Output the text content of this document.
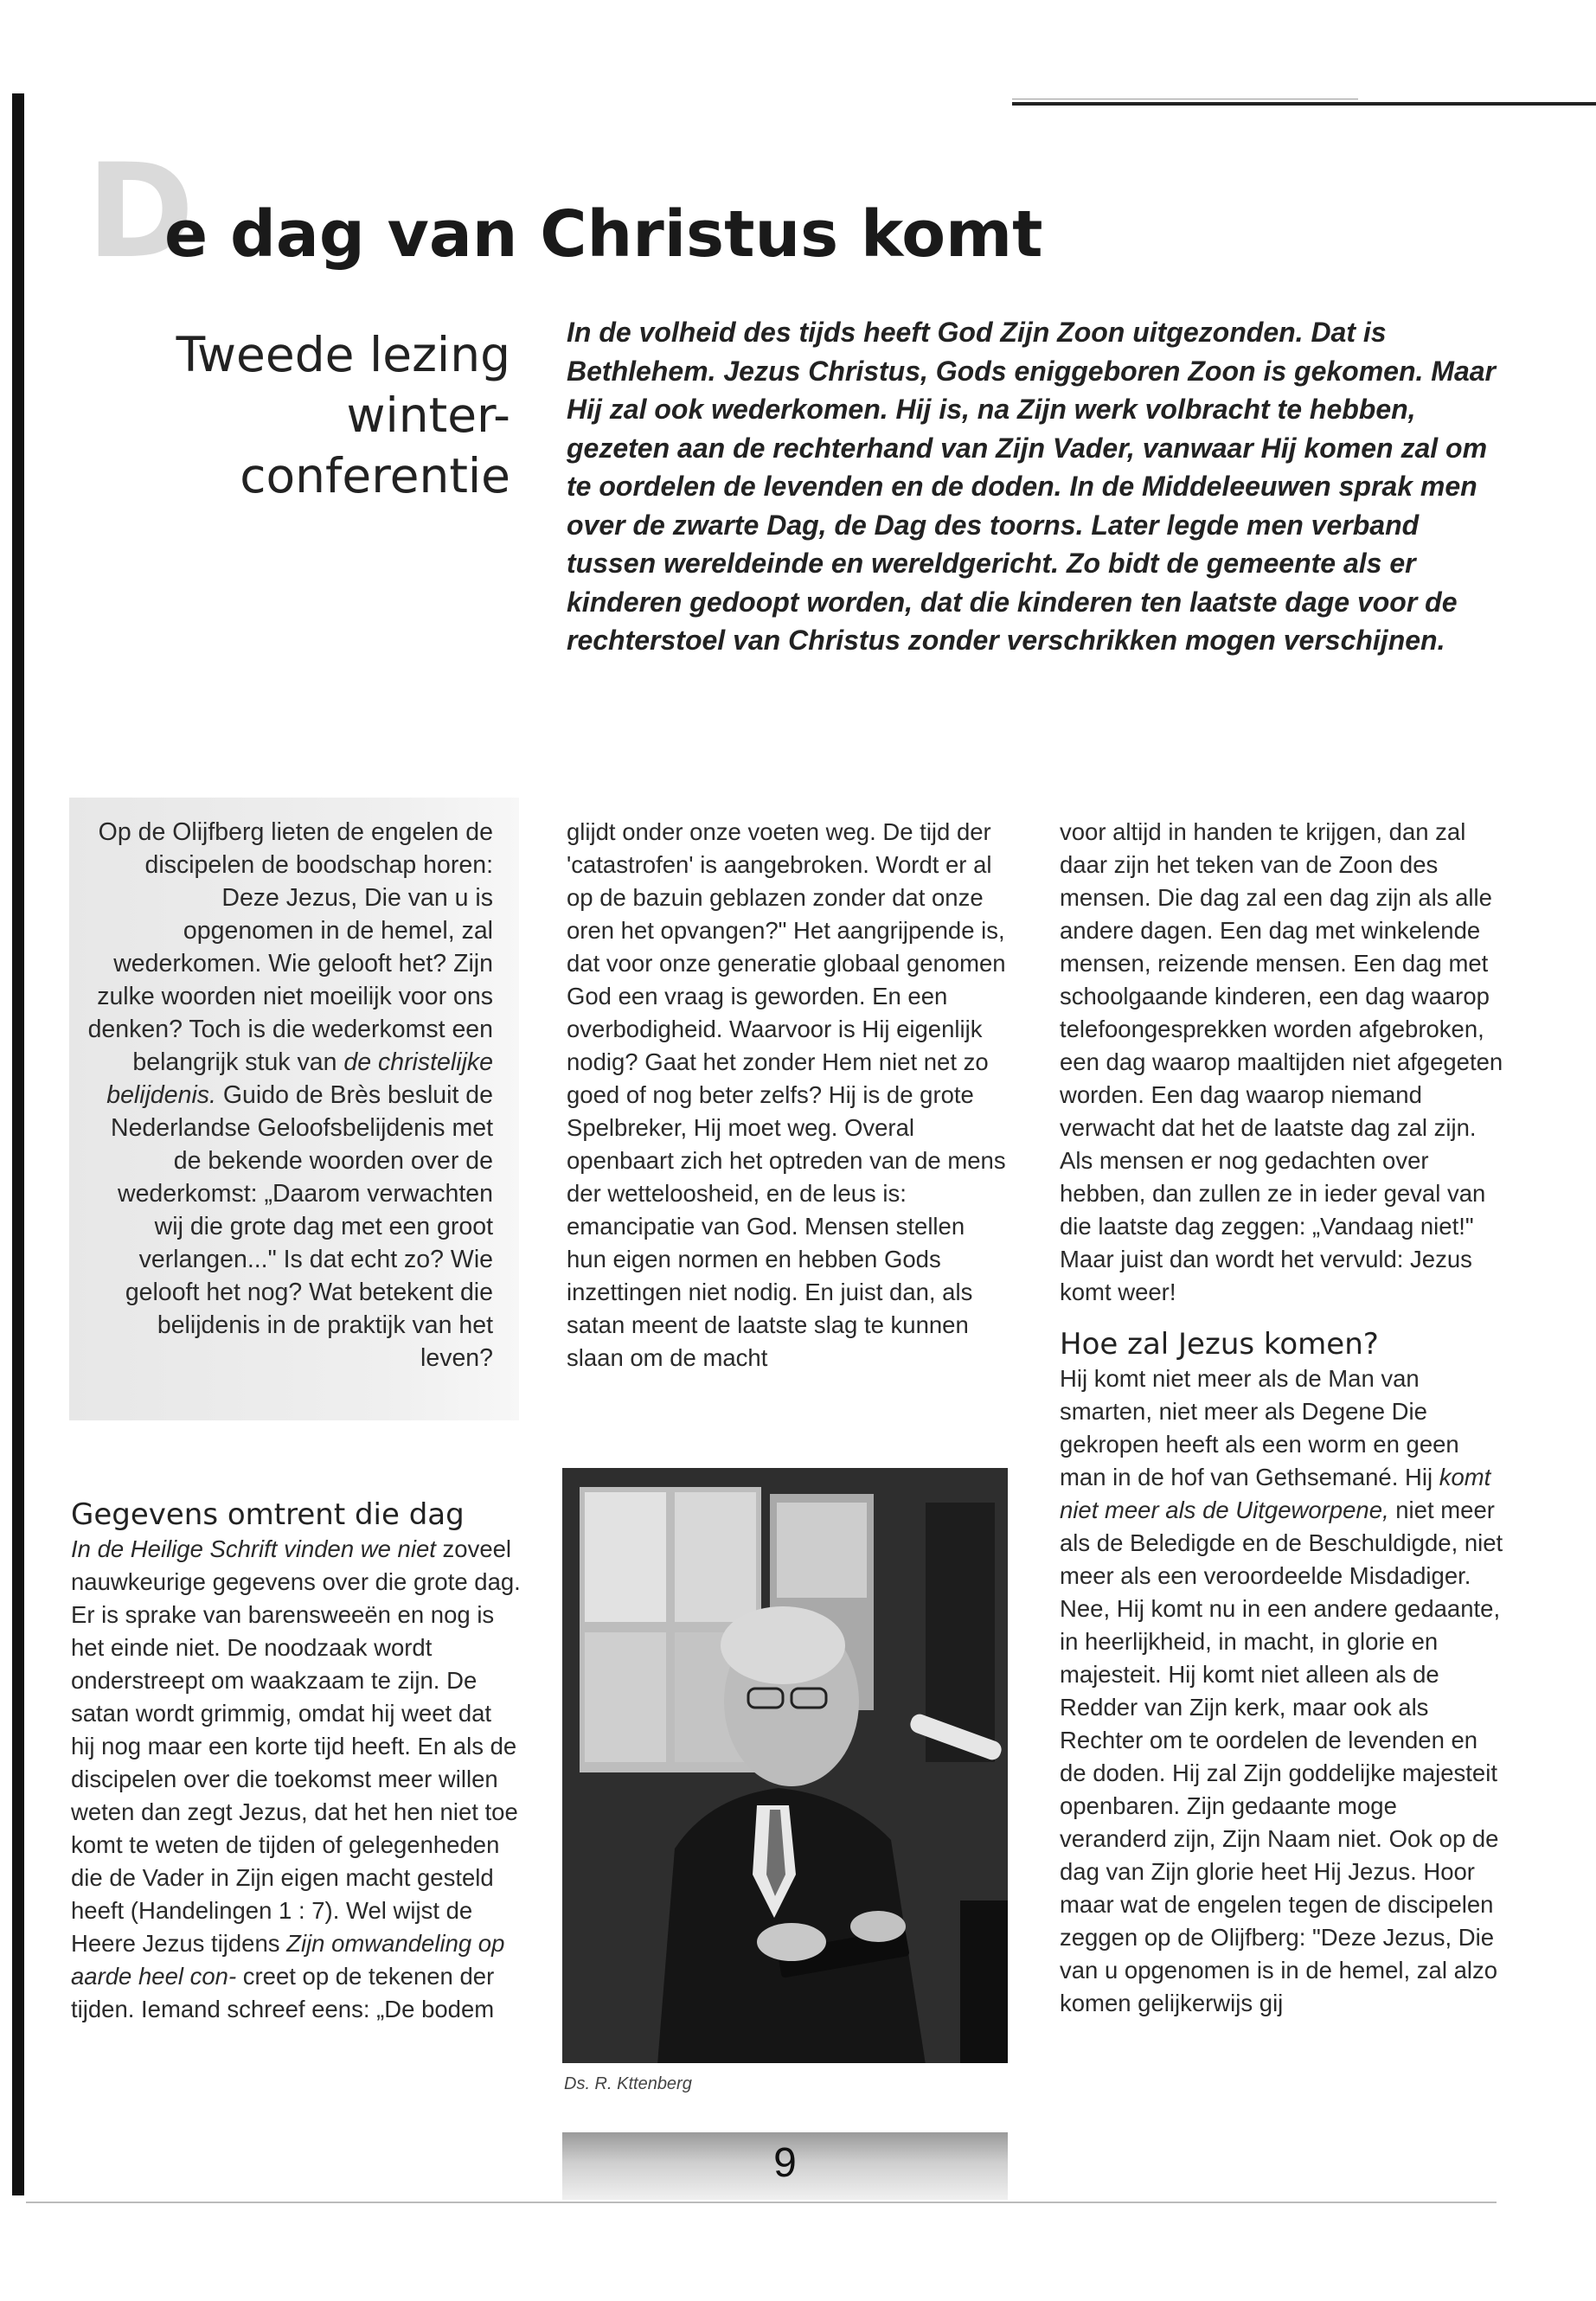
D
e dag van Christus komt
Tweede lezing
winter-
conferentie
In de volheid des tijds heeft God Zijn Zoon uitgezonden. Dat is Bethlehem. Jezus Christus, Gods eniggeboren Zoon is gekomen. Maar Hij zal ook wederkomen. Hij is, na Zijn werk volbracht te hebben, gezeten aan de rechterhand van Zijn Vader, vanwaar Hij komen zal om te oordelen de levenden en de doden. In de Middeleeuwen sprak men over de zwarte Dag, de Dag des toorns. Later legde men verband tussen wereldeinde en wereldgericht. Zo bidt de gemeente als er kinderen gedoopt worden, dat die kinderen ten laatste dage voor de rechterstoel van Christus zonder verschrikken mogen verschijnen.
Op de Olijfberg lieten de engelen de discipelen de boodschap horen: Deze Jezus, Die van u is opgenomen in de hemel, zal wederkomen. Wie gelooft het? Zijn zulke woorden niet moeilijk voor ons denken? Toch is die wederkomst een belangrijk stuk van de christelijke belijdenis. Guido de Brès besluit de Nederlandse Geloofsbelijdenis met de bekende woorden over de wederkomst: „Daarom verwachten wij die grote dag met een groot verlangen..." Is dat echt zo? Wie gelooft het nog? Wat betekent die belijdenis in de praktijk van het leven?

Gegevens omtrent die dag

In de Heilige Schrift vinden we niet zoveel nauwkeurige gegevens over die grote dag. Er is sprake van barensweeën en nog is het einde niet. De noodzaak wordt onderstreept om waakzaam te zijn. De satan wordt grimmig, omdat hij weet dat hij nog maar een korte tijd heeft. En als de discipelen over die toekomst meer willen weten dan zegt Jezus, dat het hen niet toe komt te weten de tijden of gelegenheden die de Vader in Zijn eigen macht gesteld heeft (Handelingen 1 : 7). Wel wijst de Heere Jezus tijdens Zijn omwandeling op aarde heel con- creet op de tekenen der tijden. Iemand schreef eens: „De bodem

glijdt onder onze voeten weg. De tijd der 'catastrofen' is aangebroken. Wordt er al op de bazuin geblazen zonder dat onze oren het opvangen?" Het aangrijpende is, dat voor onze generatie globaal genomen God een vraag is geworden. En een overbodigheid. Waarvoor is Hij eigenlijk nodig? Gaat het zonder Hem niet net zo goed of nog beter zelfs? Hij is de grote Spelbreker, Hij moet weg. Overal openbaart zich het optreden van de mens der wetteloosheid, en de leus is: emancipatie van God. Mensen stellen hun eigen normen en hebben Gods inzettingen niet nodig. En juist dan, als satan meent de laatste slag te kunnen slaan om de macht

Ds. R. Kttenberg

voor altijd in handen te krijgen, dan zal daar zijn het teken van de Zoon des mensen. Die dag zal een dag zijn als alle andere dagen. Een dag met winkelende mensen, reizende mensen. Een dag met schoolgaande kinderen, een dag waarop telefoongesprekken worden afgebroken, een dag waarop maaltijden niet afgegeten worden. Een dag waarop niemand verwacht dat het de laatste dag zal zijn. Als mensen er nog gedachten over hebben, dan zullen ze in ieder geval van die laatste dag zeggen: „Vandaag niet!" Maar juist dan wordt het vervuld: Jezus komt weer!

Hoe zal Jezus komen?

Hij komt niet meer als de Man van smarten, niet meer als Degene Die gekropen heeft als een worm en geen man in de hof van Gethsemané. Hij komt niet meer als de Uitgeworpene, niet meer als de Beledigde en de Beschuldigde, niet meer als een veroordeelde Misdadiger. Nee, Hij komt nu in een andere gedaante, in heerlijkheid, in macht, in glorie en majesteit. Hij komt niet alleen als de Redder van Zijn kerk, maar ook als Rechter om te oordelen de levenden en de doden. Hij zal Zijn goddelijke majesteit openbaren. Zijn gedaante moge veranderd zijn, Zijn Naam niet. Ook op de dag van Zijn glorie heet Hij Jezus. Hoor maar wat de engelen tegen de discipelen zeggen op de Olijfberg: "Deze Jezus, Die van u opgenomen is in de hemel, zal alzo komen gelijkerwijs gij

9
